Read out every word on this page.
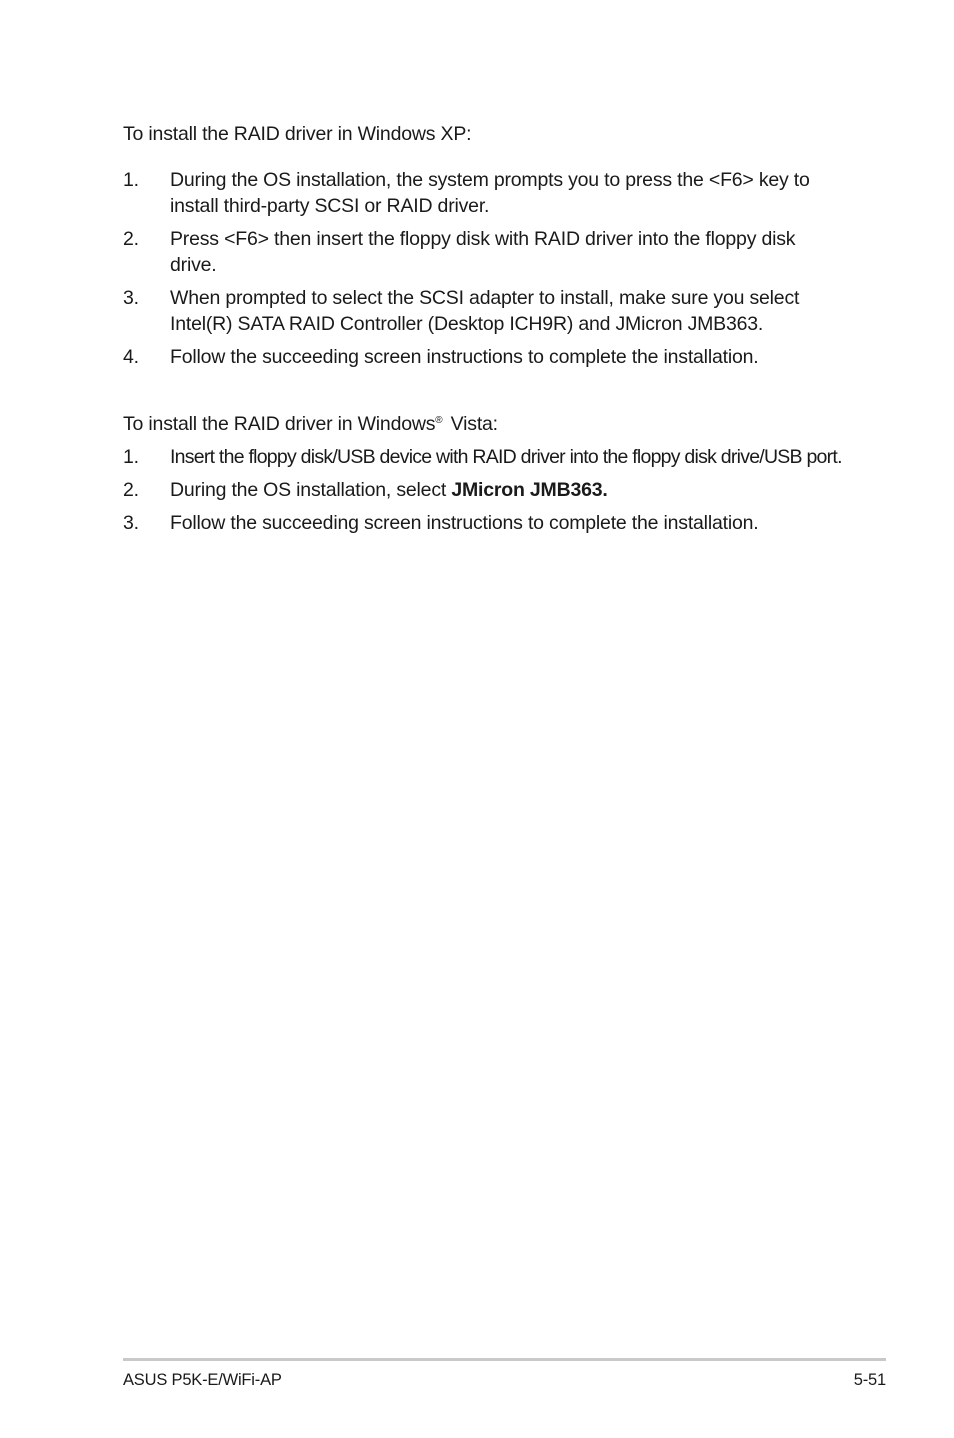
To install the RAID driver in Windows XP:

1. During the OS installation, the system prompts you to press the <F6> key to install third-party SCSI or RAID driver.
2. Press <F6> then insert the floppy disk with RAID driver into the floppy disk drive.
3. When prompted to select the SCSI adapter to install, make sure you select Intel(R) SATA RAID Controller (Desktop ICH9R) and JMicron JMB363.
4. Follow the succeeding screen instructions to complete the installation.

To install the RAID driver in Windows® Vista:

1. Insert the floppy disk/USB device with RAID driver into the floppy disk drive/USB port.
2. During the OS installation, select JMicron JMB363.
3. Follow the succeeding screen instructions to complete the installation.
ASUS P5K-E/WiFi-AP	5-51
